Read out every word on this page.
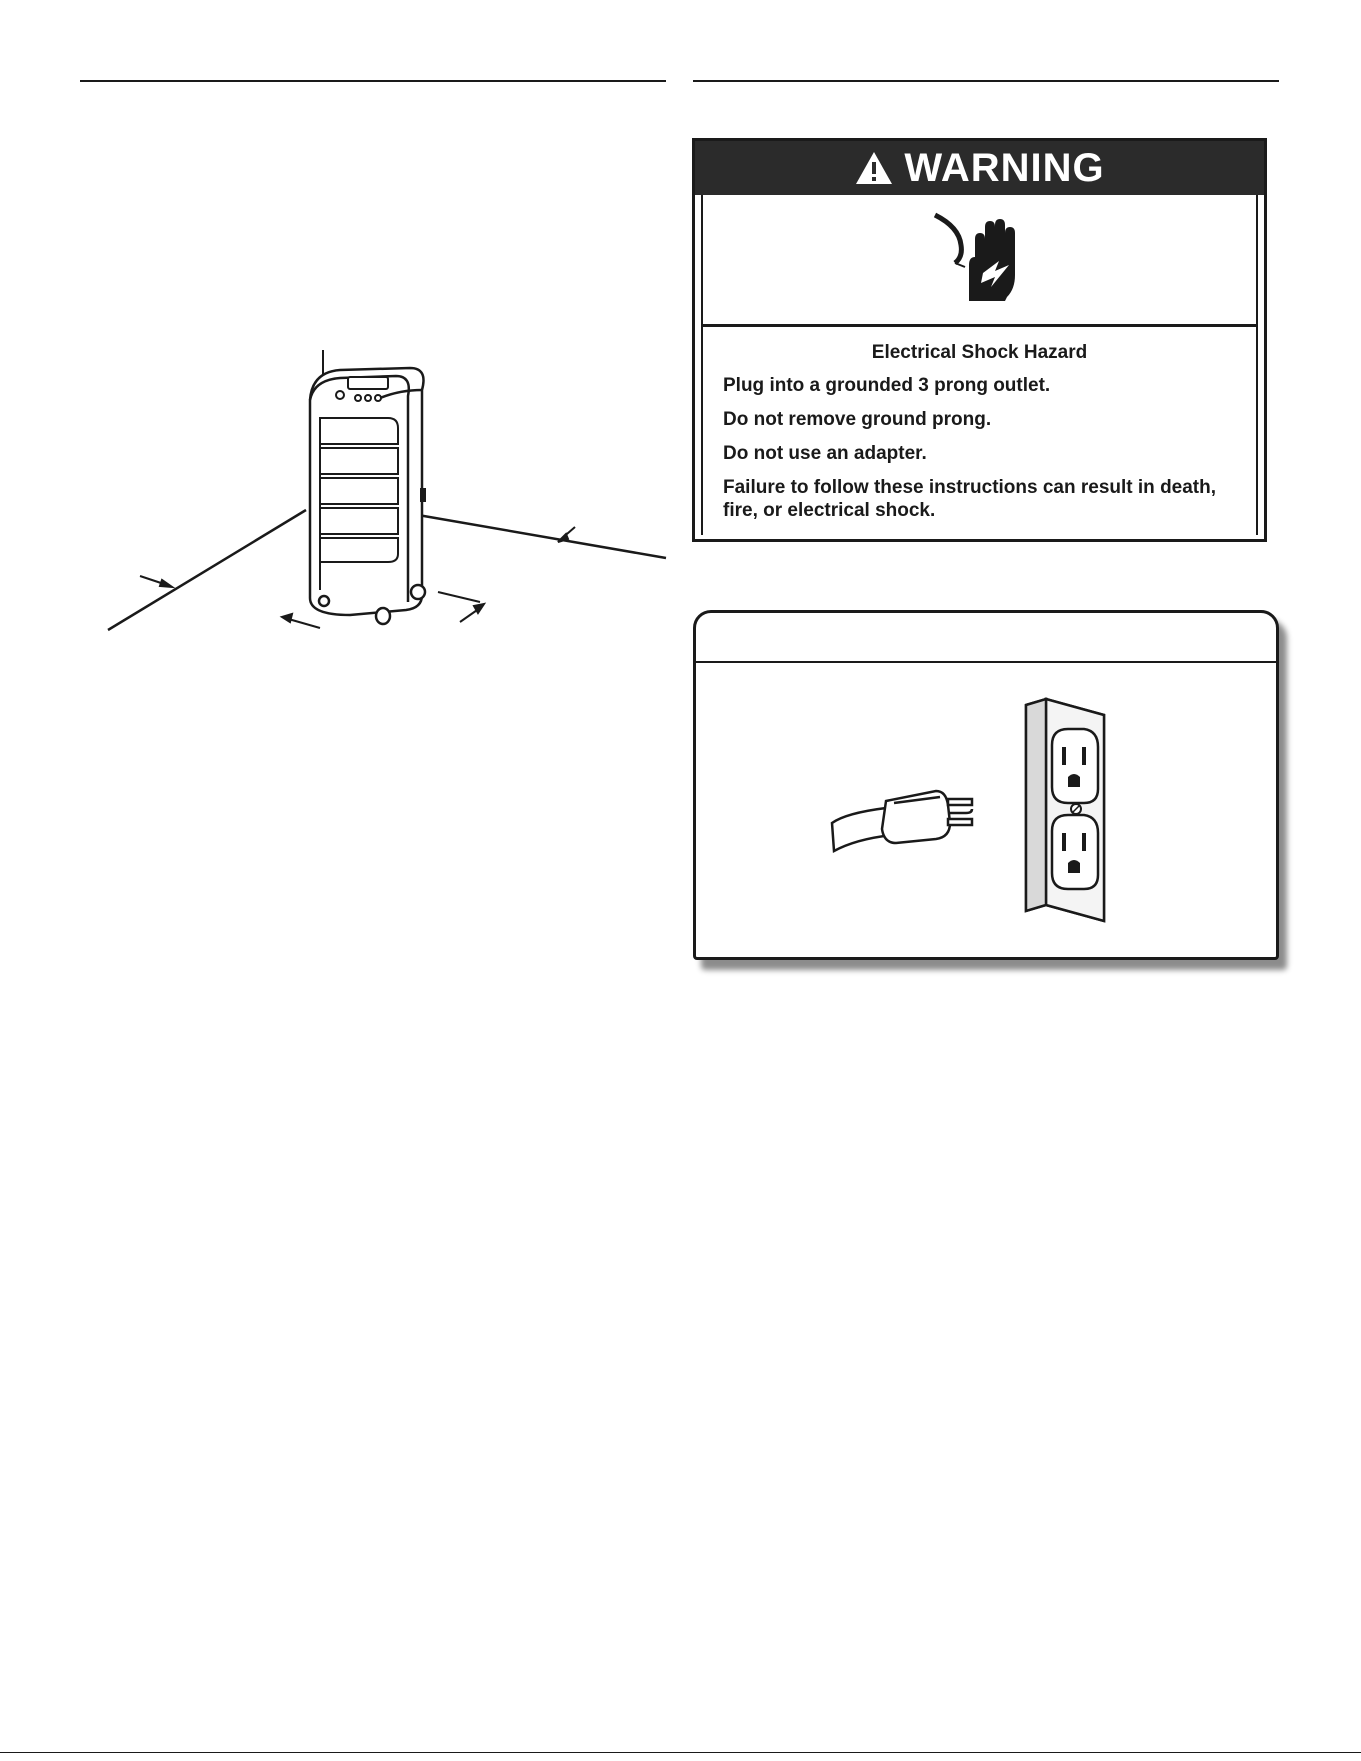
WARNING
Electrical Shock Hazard

Plug into a grounded 3 prong outlet.

Do not remove ground prong.

Do not use an adapter.

Failure to follow these instructions can result in death, fire, or electrical shock.
